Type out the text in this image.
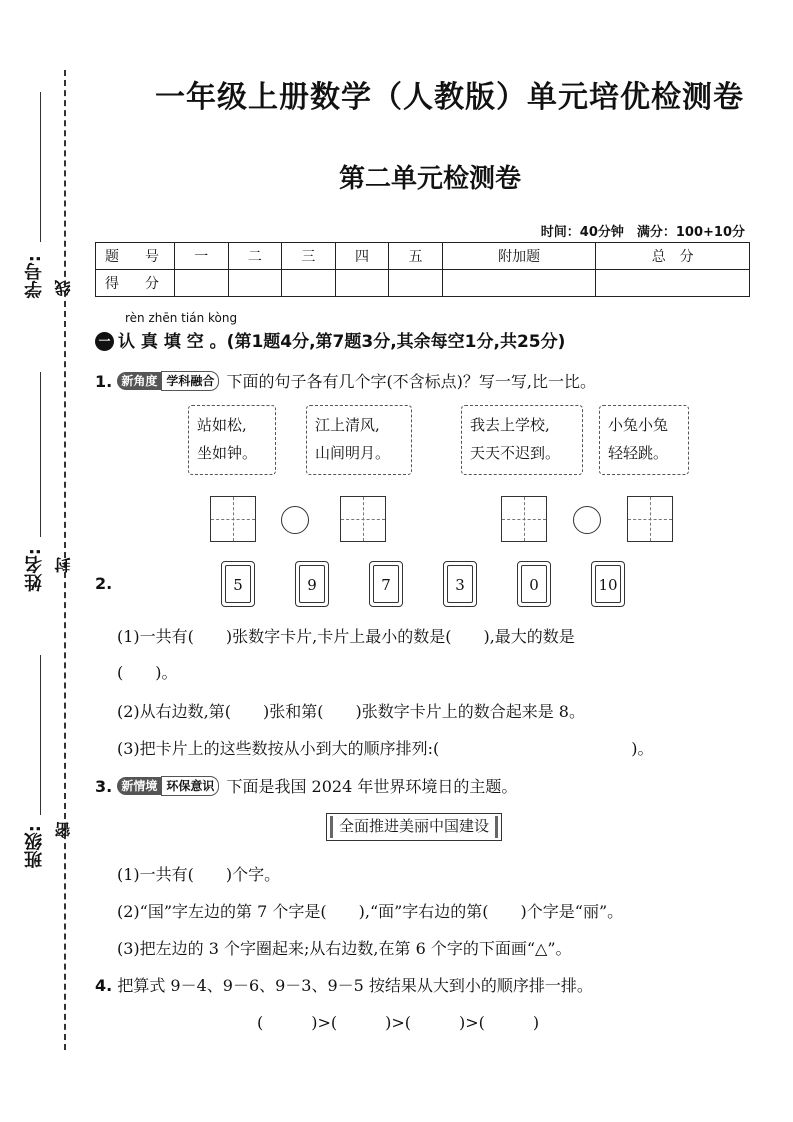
学号: 线
姓名: 封
班级: 密
一年级上册数学（人教版）单元培优检测卷
第二单元检测卷
时间：40分钟　满分：100+10分
题　号	一	二	三	四	五	附加题	总　分
得　分							
rèn zhēn tián kòng
一 认 真 填 空 。(第1题4分,第7题3分,其余每空1分,共25分)
1. 新角度 学科融合 下面的句子各有几个字(不含标点)？写一写,比一比。
站如松,
坐如钟。
江上清风,
山间明月。
我去上学校,
天天不迟到。
小兔小兔
轻轻跳。
2.	5	9	7	3	0	10
(1)一共有(　　)张数字卡片,卡片上最小的数是(　　),最大的数是
(　　)。
(2)从右边数,第(　　)张和第(　　)张数字卡片上的数合起来是 8。
(3)把卡片上的这些数按从小到大的顺序排列:(　　　　　　　　　　　　)。
3. 新情境 环保意识 下面是我国 2024 年世界环境日的主题。
全面推进美丽中国建设
(1)一共有(　　)个字。
(2)“国”字左边的第 7 个字是(　　),“面”字右边的第(　　)个字是“丽”。
(3)把左边的 3 个字圈起来;从右边数,在第 6 个字的下面画“△”。
4. 把算式 9－4、9－6、9－3、9－5 按结果从大到小的顺序排一排。
(　　　)>(　　　)>(　　　)>(　　　)
